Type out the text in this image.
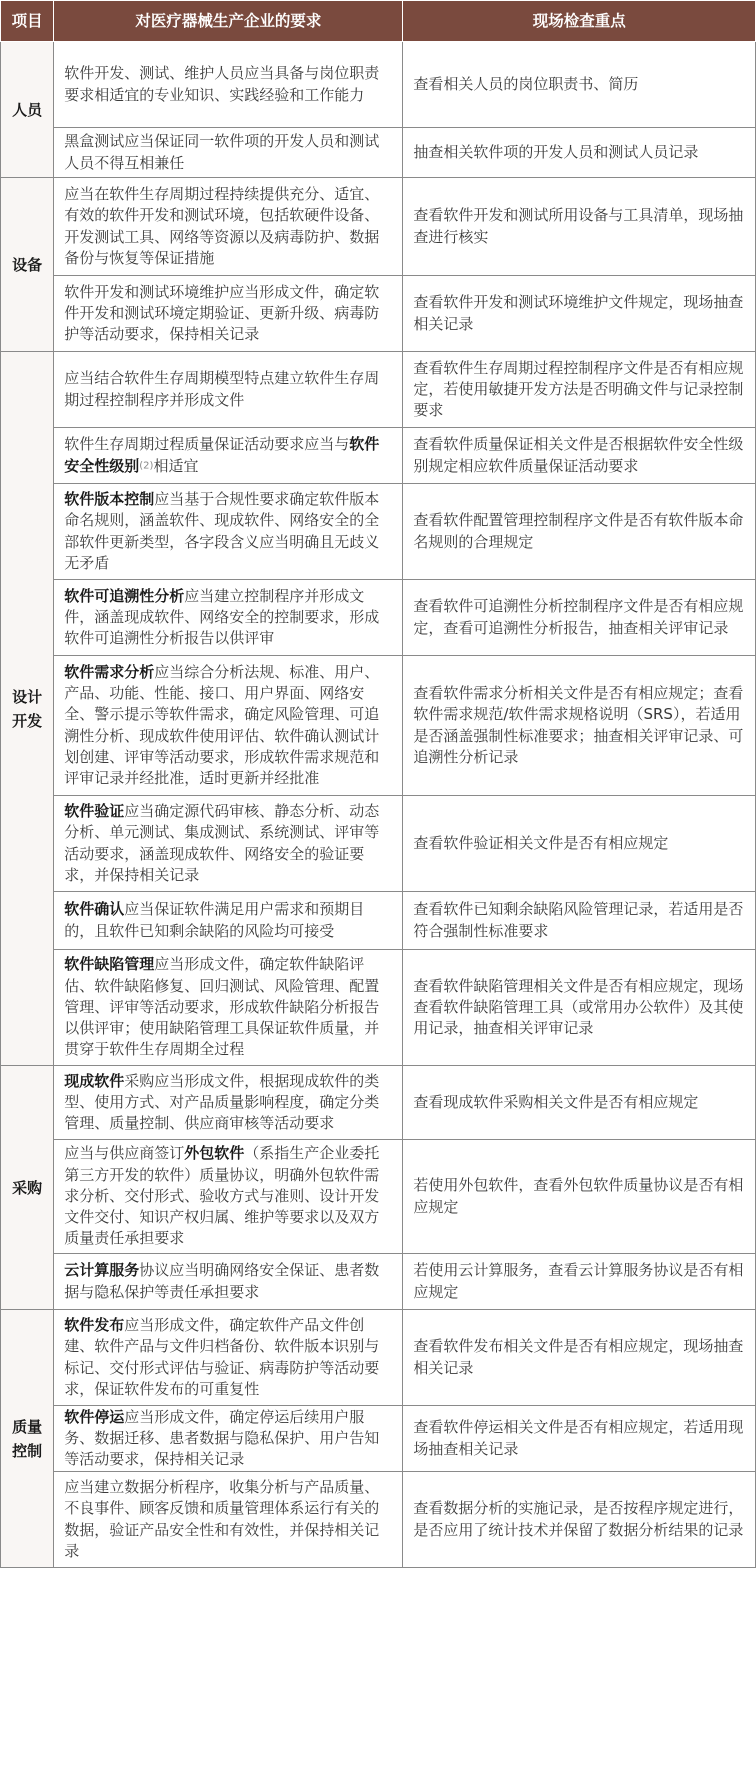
项目	对医疗器械生产企业的要求	现场检查重点
人员	软件开发、测试、维护人员应当具备与岗位职责要求相适宜的专业知识、实践经验和工作能力	查看相关人员的岗位职责书、简历
	黑盒测试应当保证同一软件项的开发人员和测试人员不得互相兼任	抽查相关软件项的开发人员和测试人员记录
设备	应当在软件生存周期过程持续提供充分、适宜、有效的软件开发和测试环境，包括软硬件设备、开发测试工具、网络等资源以及病毒防护、数据备份与恢复等保证措施	查看软件开发和测试所用设备与工具清单，现场抽查进行核实
	软件开发和测试环境维护应当形成文件，确定软件开发和测试环境定期验证、更新升级、病毒防护等活动要求，保持相关记录	查看软件开发和测试环境维护文件规定，现场抽查相关记录
设计开发	应当结合软件生存周期模型特点建立软件生存周期过程控制程序并形成文件	查看软件生存周期过程控制程序文件是否有相应规定，若使用敏捷开发方法是否明确文件与记录控制要求
	软件生存周期过程质量保证活动要求应当与软件安全性级别(2)相适宜	查看软件质量保证相关文件是否根据软件安全性级别规定相应软件质量保证活动要求
	软件版本控制应当基于合规性要求确定软件版本命名规则，涵盖软件、现成软件、网络安全的全部软件更新类型，各字段含义应当明确且无歧义无矛盾	查看软件配置管理控制程序文件是否有软件版本命名规则的合理规定
	软件可追溯性分析应当建立控制程序并形成文件，涵盖现成软件、网络安全的控制要求，形成软件可追溯性分析报告以供评审	查看软件可追溯性分析控制程序文件是否有相应规定，查看可追溯性分析报告，抽查相关评审记录
	软件需求分析应当综合分析法规、标准、用户、产品、功能、性能、接口、用户界面、网络安全、警示提示等软件需求，确定风险管理、可追溯性分析、现成软件使用评估、软件确认测试计划创建、评审等活动要求，形成软件需求规范和评审记录并经批准，适时更新并经批准	查看软件需求分析相关文件是否有相应规定；查看软件需求规范/软件需求规格说明（SRS），若适用是否涵盖强制性标准要求；抽查相关评审记录、可追溯性分析记录
	软件验证应当确定源代码审核、静态分析、动态分析、单元测试、集成测试、系统测试、评审等活动要求，涵盖现成软件、网络安全的验证要求，并保持相关记录	查看软件验证相关文件是否有相应规定
	软件确认应当保证软件满足用户需求和预期目的，且软件已知剩余缺陷的风险均可接受	查看软件已知剩余缺陷风险管理记录，若适用是否符合强制性标准要求
	软件缺陷管理应当形成文件，确定软件缺陷评估、软件缺陷修复、回归测试、风险管理、配置管理、评审等活动要求，形成软件缺陷分析报告以供评审；使用缺陷管理工具保证软件质量，并贯穿于软件生存周期全过程	查看软件缺陷管理相关文件是否有相应规定，现场查看软件缺陷管理工具（或常用办公软件）及其使用记录，抽查相关评审记录
采购	现成软件采购应当形成文件，根据现成软件的类型、使用方式、对产品质量影响程度，确定分类管理、质量控制、供应商审核等活动要求	查看现成软件采购相关文件是否有相应规定
	应当与供应商签订外包软件（系指生产企业委托第三方开发的软件）质量协议，明确外包软件需求分析、交付形式、验收方式与准则、设计开发文件交付、知识产权归属、维护等要求以及双方质量责任承担要求	若使用外包软件，查看外包软件质量协议是否有相应规定
	云计算服务协议应当明确网络安全保证、患者数据与隐私保护等责任承担要求	若使用云计算服务，查看云计算服务协议是否有相应规定
质量控制	软件发布应当形成文件，确定软件产品文件创建、软件产品与文件归档备份、软件版本识别与标记、交付形式评估与验证、病毒防护等活动要求，保证软件发布的可重复性	查看软件发布相关文件是否有相应规定，现场抽查相关记录
	软件停运应当形成文件，确定停运后续用户服务、数据迁移、患者数据与隐私保护、用户告知等活动要求，保持相关记录	查看软件停运相关文件是否有相应规定，若适用现场抽查相关记录
	应当建立数据分析程序，收集分析与产品质量、不良事件、顾客反馈和质量管理体系运行有关的数据，验证产品安全性和有效性，并保持相关记录	查看数据分析的实施记录，是否按程序规定进行，是否应用了统计技术并保留了数据分析结果的记录
